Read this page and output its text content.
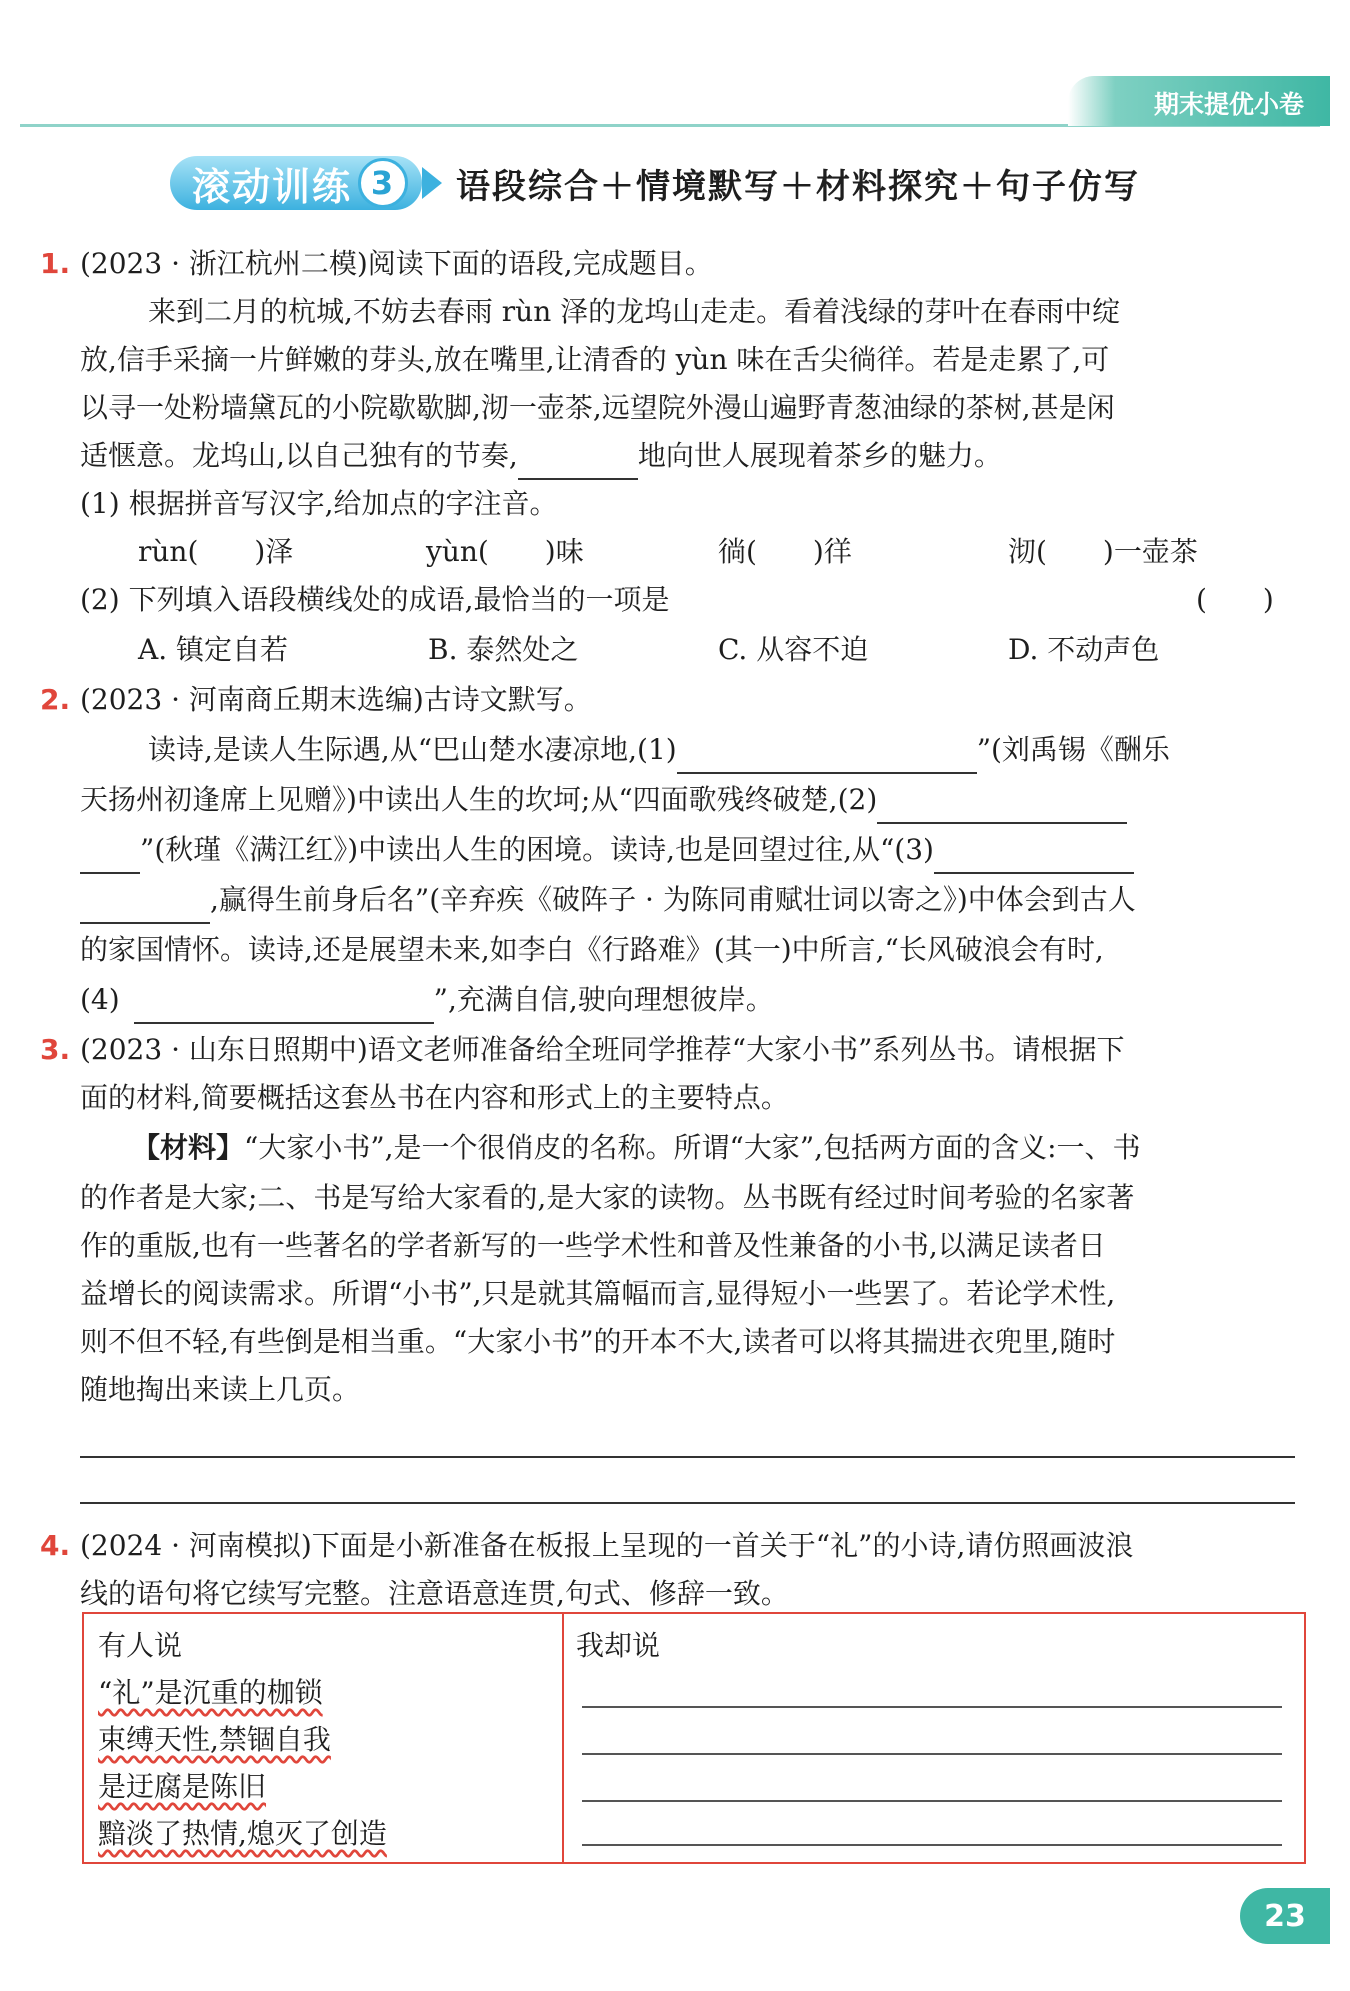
期末提优小卷
滚动训练 3	语段综合＋情境默写＋材料探究＋句子仿写
1. (2023 · 浙江杭州二模)阅读下面的语段,完成题目。
来到二月的杭城,不妨去春雨 rùn 泽的龙坞山走走。看着浅绿的芽叶在春雨中绽
放,信手采摘一片鲜嫩的芽头,放在嘴里,让清香的 yùn 味在舌尖徜徉。若是走累了,可
以寻一处粉墙黛瓦的小院歇歇脚,沏一壶茶,远望院外漫山遍野青葱油绿的茶树,甚是闲
适惬意。龙坞山,以自己独有的节奏,	地向世人展现着茶乡的魅力。
(1) 根据拼音写汉字,给加点的字注音。
rùn(　　)泽	yùn(　　)味	徜(　　)徉	沏(　　)一壶茶
(2) 下列填入语段横线处的成语,最恰当的一项是	(　　)
A. 镇定自若	B. 泰然处之	C. 从容不迫	D. 不动声色
2. (2023 · 河南商丘期末选编)古诗文默写。
读诗,是读人生际遇,从“巴山楚水凄凉地,(1)	”(刘禹锡《酬乐
天扬州初逢席上见赠》)中读出人生的坎坷;从“四面歌残终破楚,(2)
”(秋瑾《满江红》)中读出人生的困境。读诗,也是回望过往,从“(3)
,赢得生前身后名”(辛弃疾《破阵子 · 为陈同甫赋壮词以寄之》)中体会到古人
的家国情怀。读诗,还是展望未来,如李白《行路难》(其一)中所言,“长风破浪会有时,
(4)	”,充满自信,驶向理想彼岸。
3. (2023 · 山东日照期中)语文老师准备给全班同学推荐“大家小书”系列丛书。请根据下
面的材料,简要概括这套丛书在内容和形式上的主要特点。
【材料】“大家小书”,是一个很俏皮的名称。所谓“大家”,包括两方面的含义:一、书
的作者是大家;二、书是写给大家看的,是大家的读物。丛书既有经过时间考验的名家著
作的重版,也有一些著名的学者新写的一些学术性和普及性兼备的小书,以满足读者日
益增长的阅读需求。所谓“小书”,只是就其篇幅而言,显得短小一些罢了。若论学术性,
则不但不轻,有些倒是相当重。“大家小书”的开本不大,读者可以将其揣进衣兜里,随时
随地掏出来读上几页。
4. (2024 · 河南模拟)下面是小新准备在板报上呈现的一首关于“礼”的小诗,请仿照画波浪
线的语句将它续写完整。注意语意连贯,句式、修辞一致。
有人说
“礼”是沉重的枷锁
束缚天性,禁锢自我
是迂腐是陈旧
黯淡了热情,熄灭了创造
我却说
23
